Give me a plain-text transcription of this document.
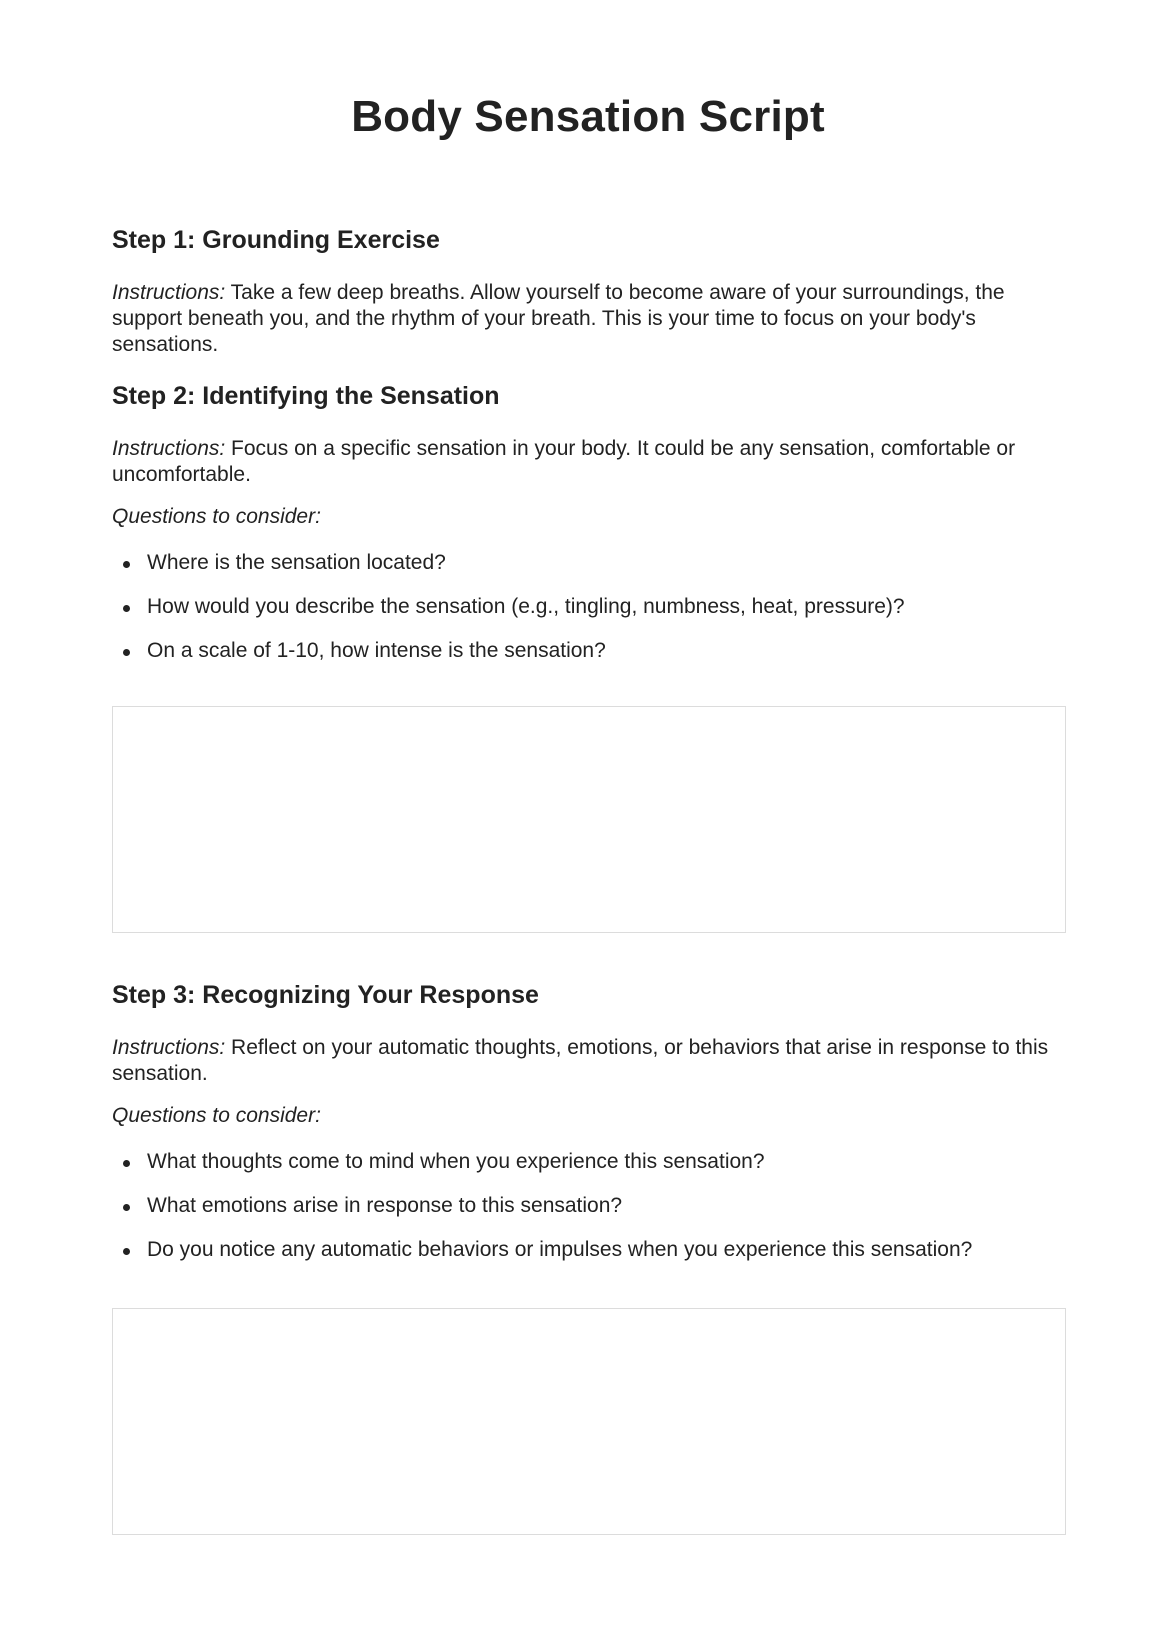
Body Sensation Script
Step 1: Grounding Exercise

Instructions: Take a few deep breaths. Allow yourself to become aware of your surroundings, the support beneath you, and the rhythm of your breath. This is your time to focus on your body's sensations.

Step 2: Identifying the Sensation

Instructions: Focus on a specific sensation in your body. It could be any sensation, comfortable or uncomfortable.

Questions to consider:

Where is the sensation located?
How would you describe the sensation (e.g., tingling, numbness, heat, pressure)?
On a scale of 1-10, how intense is the sensation?
Step 3: Recognizing Your Response

Instructions: Reflect on your automatic thoughts, emotions, or behaviors that arise in response to this sensation.

Questions to consider:

What thoughts come to mind when you experience this sensation?
What emotions arise in response to this sensation?
Do you notice any automatic behaviors or impulses when you experience this sensation?
